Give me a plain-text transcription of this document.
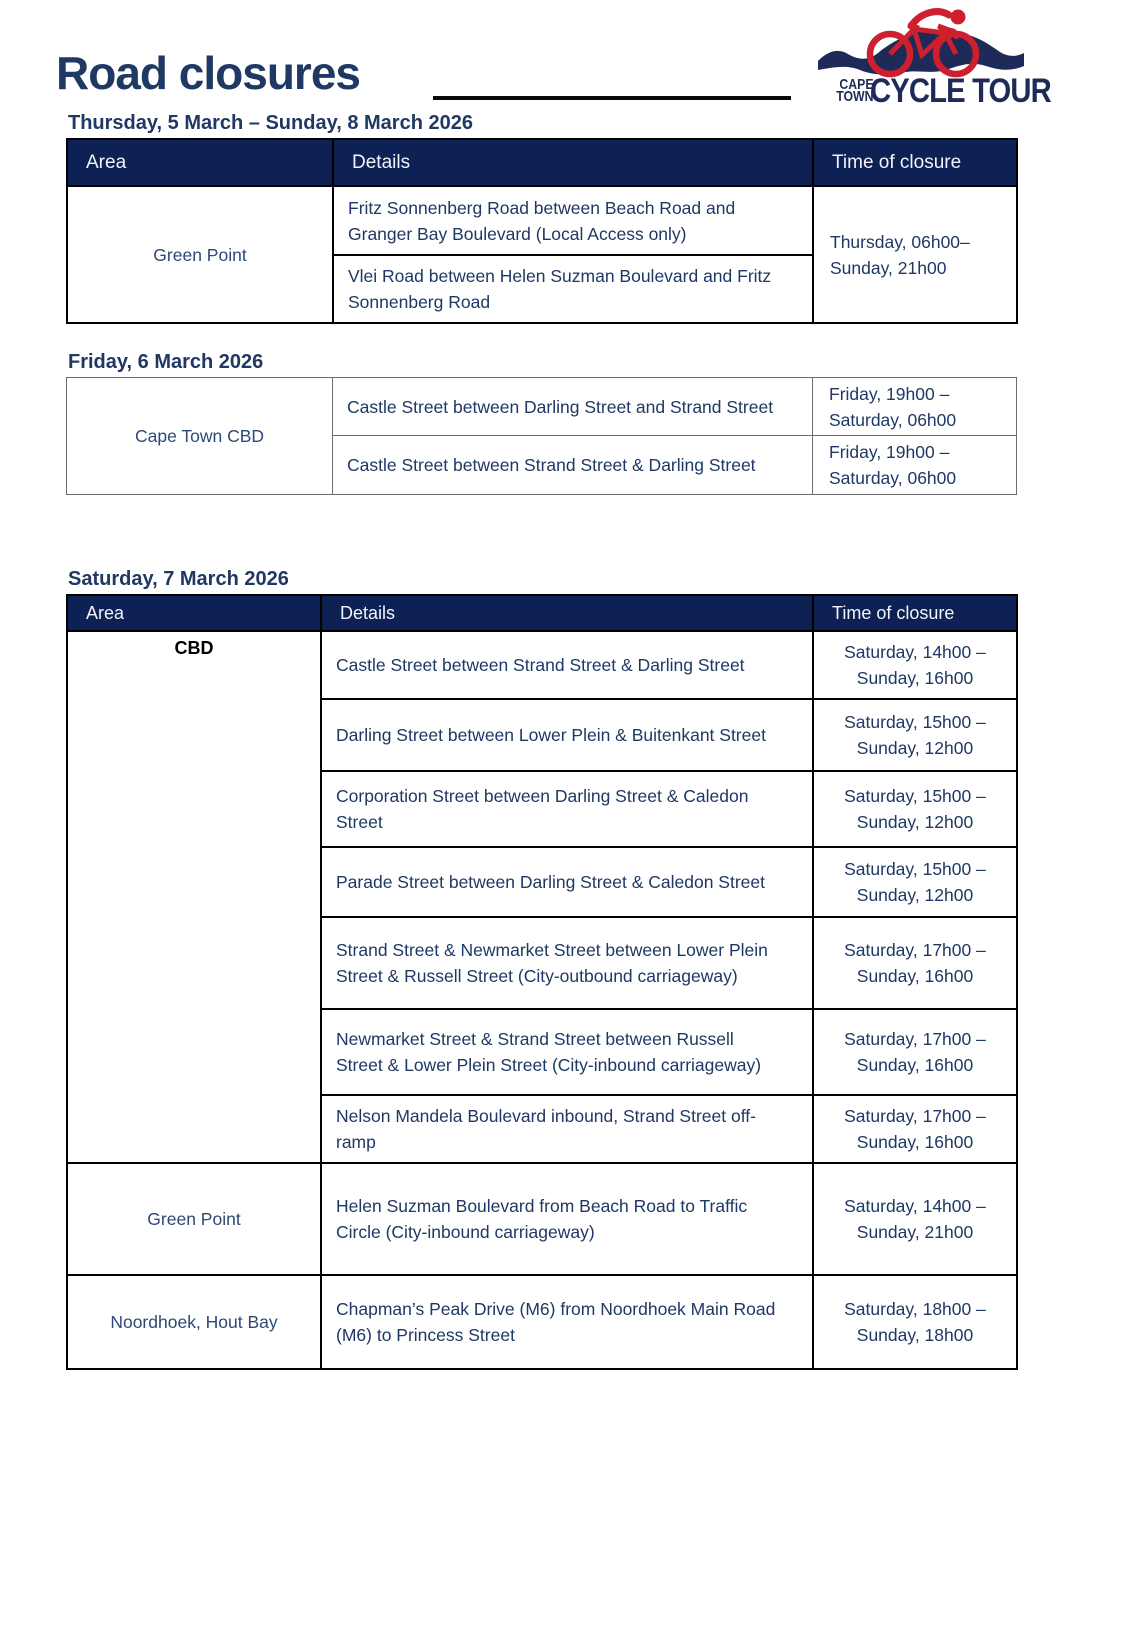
Road closures	CAPE
TOWN
CYCLE TOUR
Thursday, 5 March – Sunday, 8 March 2026
Area	Details	Time of closure
Green Point	Fritz Sonnenberg Road between Beach Road and Granger Bay Boulevard (Local Access only)	Thursday, 06h00–Sunday, 21h00
	Vlei Road between Helen Suzman Boulevard and Fritz Sonnenberg Road	
Friday, 6 March 2026
Cape Town CBD	Castle Street between Darling Street and Strand Street	Friday, 19h00 – Saturday, 06h00
	Castle Street between Strand Street & Darling Street	Friday, 19h00 – Saturday, 06h00
Saturday, 7 March 2026
Area	Details	Time of closure
CBD	Castle Street between Strand Street & Darling Street	Saturday, 14h00 – Sunday, 16h00
	Darling Street between Lower Plein & Buitenkant Street	Saturday, 15h00 – Sunday, 12h00
	Corporation Street between Darling Street & Caledon Street	Saturday, 15h00 – Sunday, 12h00
	Parade Street between Darling Street & Caledon Street	Saturday, 15h00 – Sunday, 12h00
	Strand Street & Newmarket Street between Lower Plein Street & Russell Street (City-outbound carriageway)	Saturday, 17h00 – Sunday, 16h00
	Newmarket Street & Strand Street between Russell Street & Lower Plein Street (City-inbound carriageway)	Saturday, 17h00 – Sunday, 16h00
	Nelson Mandela Boulevard inbound, Strand Street off-ramp	Saturday, 17h00 – Sunday, 16h00
Green Point	Helen Suzman Boulevard from Beach Road to Traffic Circle (City-inbound carriageway)	Saturday, 14h00 – Sunday, 21h00
Noordhoek, Hout Bay	Chapman’s Peak Drive (M6) from Noordhoek Main Road (M6) to Princess Street	Saturday, 18h00 – Sunday, 18h00
